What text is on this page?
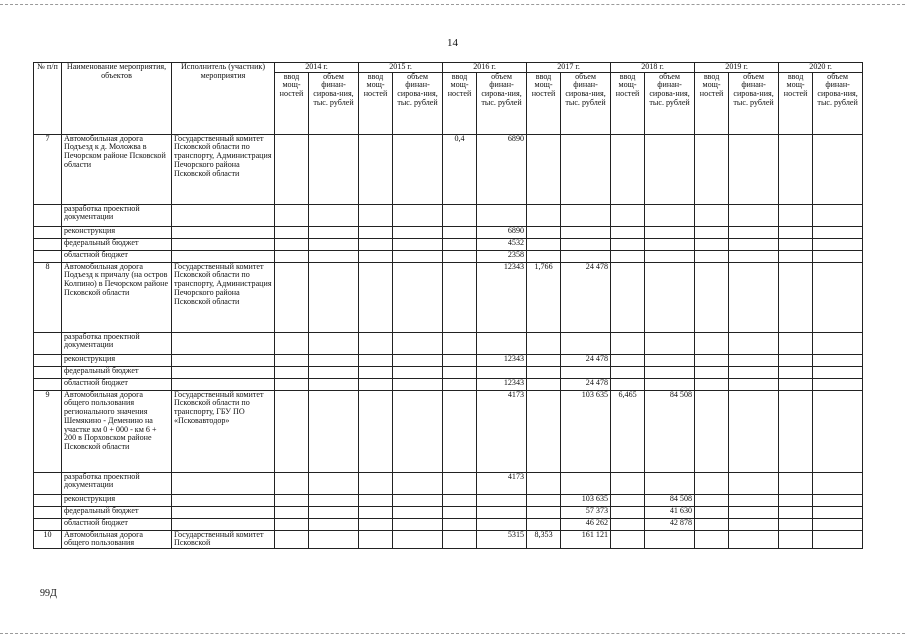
14
№ п/п	Наименование мероприятия, объектов	Исполнитель (участник) мероприятия	2014 г.		2015 г.		2016 г.		2017 г.		2018 г.		2019 г.		2020 г.	
			ввод мощ-ностей	объем финан-сирова-ния, тыс. рублей	ввод мощ-ностей	объем финан-сирова-ния, тыс. рублей	ввод мощ-ностей	объем финан-сирова-ния, тыс. рублей	ввод мощ-ностей	объем финан-сирова-ния, тыс. рублей	ввод мощ-ностей	объем финан-сирова-ния, тыс. рублей	ввод мощ-ностей	объем финан-сирова-ния, тыс. рублей	ввод мощ-ностей	объем финан-сирова-ния, тыс. рублей
7	Автомобильная дорога Подъезд к д. Моложва в Печорском районе Псковской области	Государственный комитет Псковской области по транспорту, Администрация Печорского района Псковской области					0,4	6890								
	разработка проектной документации															
	реконструкция							6890								
	федеральный бюджет							4532								
	областной бюджет							2358								
8	Автомобильная дорога Подъезд к причалу (на остров Колпино) в Печорском районе Псковской области	Государственный комитет Псковской области по транспорту, Администрация Печорского района Псковской области						12343	1,766	24 478						
	разработка проектной документации															
	реконструкция							12343		24 478						
	федеральный бюджет															
	областной бюджет							12343		24 478						
9	Автомобильная дорога общего пользования регионального значения Шемякино - Деменино на участке км 0 + 000 - км 6 + 200 в Порховском районе Псковской области	Государственный комитет Псковской области по транспорту, ГБУ ПО «Псковавтодор»						4173		103 635	6,465	84 508				
	разработка проектной документации							4173								
	реконструкция									103 635		84 508				
	федеральный бюджет									57 373		41 630				
	областной бюджет									46 262		42 878				
10	Автомобильная дорога общего пользования	Государственный комитет Псковской						5315	8,353	161 121						
99Д
